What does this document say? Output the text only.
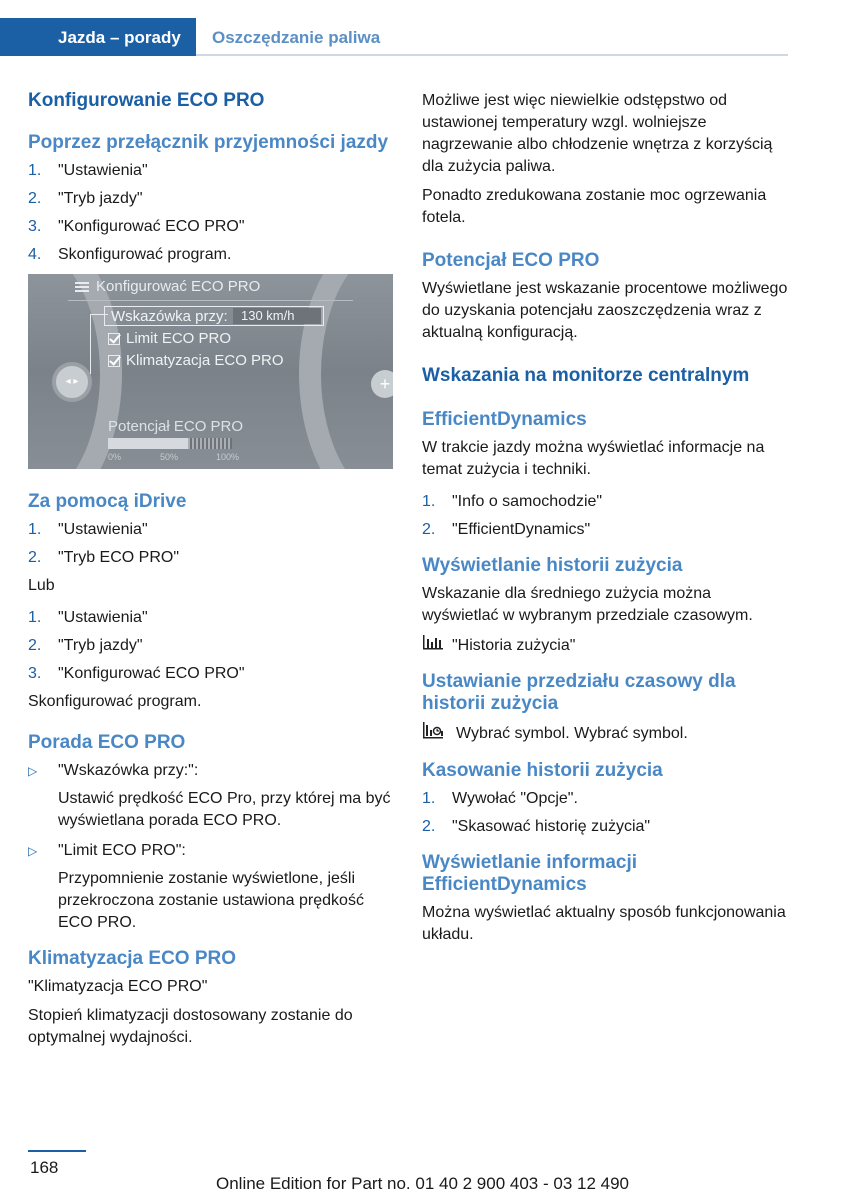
Jazda – porady	Oszczędzanie paliwa
Konfigurowanie ECO PRO
Poprzez przełącznik przyjemności jazdy
1.	"Ustawienia"
2.	"Tryb jazdy"
3.	"Konfigurować ECO PRO"
4.	Skonfigurować program.
◂ ▸	+
Konfigurować ECO PRO
Wskazówka przy:	130 km/h
Limit ECO PRO
Klimatyzacja ECO PRO
Potencjał ECO PRO
0%	50%	100%
Za pomocą iDrive
1.	"Ustawienia"
2.	"Tryb ECO PRO"

Lub

1.	"Ustawienia"
2.	"Tryb jazdy"
3.	"Konfigurować ECO PRO"

Skonfigurować program.

Porada ECO PRO
▷	"Wskazówka przy:":
Ustawić prędkość ECO Pro, przy której ma być wyświetlana porada ECO PRO.
▷	"Limit ECO PRO":
Przypomnienie zostanie wyświetlone, jeśli przekroczona zostanie ustawiona prędkość ECO PRO.
Klimatyzacja ECO PRO

"Klimatyzacja ECO PRO"

Stopień klimatyzacji dostosowany zostanie do optymalnej wydajności.

Możliwe jest więc niewielkie odstępstwo od ustawionej temperatury wzgl. wolniejsze nagrzewanie albo chłodzenie wnętrza z korzyścią dla zużycia paliwa.

Ponadto zredukowana zostanie moc ogrzewania fotela.

Potencjał ECO PRO

Wyświetlane jest wskazanie procentowe możliwego do uzyskania potencjału zaoszczędzenia wraz z aktualną konfiguracją.

Wskazania na monitorze centralnym
EfficientDynamics

W trakcie jazdy można wyświetlać informacje na temat zużycia i techniki.

1.	"Info o samochodzie"
2.	"EfficientDynamics"
Wyświetlanie historii zużycia

Wskazanie dla średniego zużycia można wyświetlać w wybranym przedziale czasowym.

"Historia zużycia"
Ustawianie przedziału czasowy dla historii zużycia
Wybrać symbol. Wybrać symbol.
Kasowanie historii zużycia
1.	Wywołać "Opcje".
2.	"Skasować historię zużycia"
Wyświetlanie informacji EfficientDynamics

Można wyświetlać aktualny sposób funkcjonowania układu.

168
Online Edition for Part no. 01 40 2 900 403 - 03 12 490
